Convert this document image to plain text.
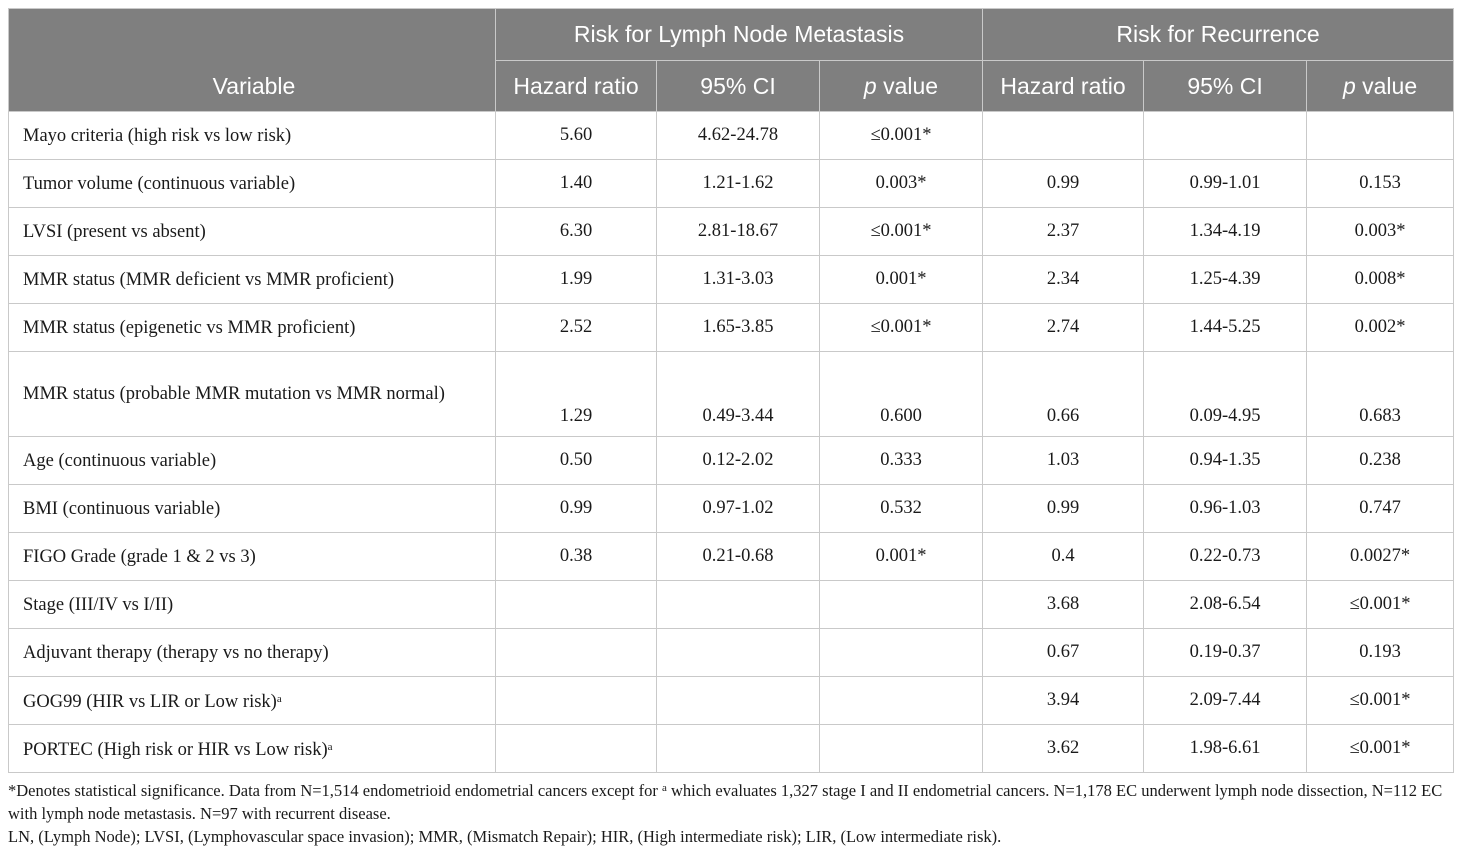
Variable	Risk for Lymph Node Metastasis			Risk for Recurrence		
	Hazard ratio	95% CI	p value	Hazard ratio	95% CI	p value
Mayo criteria (high risk vs low risk)	5.60	4.62-24.78	≤0.001*			
Tumor volume (continuous variable)	1.40	1.21-1.62	0.003*	0.99	0.99-1.01	0.153
LVSI (present vs absent)	6.30	2.81-18.67	≤0.001*	2.37	1.34-4.19	0.003*
MMR status (MMR deficient vs MMR proficient)	1.99	1.31-3.03	0.001*	2.34	1.25-4.39	0.008*
MMR status (epigenetic vs MMR proficient)	2.52	1.65-3.85	≤0.001*	2.74	1.44-5.25	0.002*
MMR status (probable MMR mutation vs MMR normal)	1.29	0.49-3.44	0.600	0.66	0.09-4.95	0.683
Age (continuous variable)	0.50	0.12-2.02	0.333	1.03	0.94-1.35	0.238
BMI (continuous variable)	0.99	0.97-1.02	0.532	0.99	0.96-1.03	0.747
FIGO Grade (grade 1 & 2 vs 3)	0.38	0.21-0.68	0.001*	0.4	0.22-0.73	0.0027*
Stage (III/IV vs I/II)				3.68	2.08-6.54	≤0.001*
Adjuvant therapy (therapy vs no therapy)				0.67	0.19-0.37	0.193
GOG99 (HIR vs LIR or Low risk)$^a$				3.94	2.09-7.44	≤0.001*
PORTEC (High risk or HIR vs Low risk)$^a$				3.62	1.98-6.61	≤0.001*
*Denotes statistical significance. Data from N=1,514 endometrioid endometrial cancers except for $^a$ which evaluates 1,327 stage I and II endometrial cancers. N=1,178 EC underwent lymph node dissection, N=112 EC with lymph node metastasis. N=97 with recurrent disease.
LN, (Lymph Node); LVSI, (Lymphovascular space invasion); MMR, (Mismatch Repair); HIR, (High intermediate risk); LIR, (Low intermediate risk).
